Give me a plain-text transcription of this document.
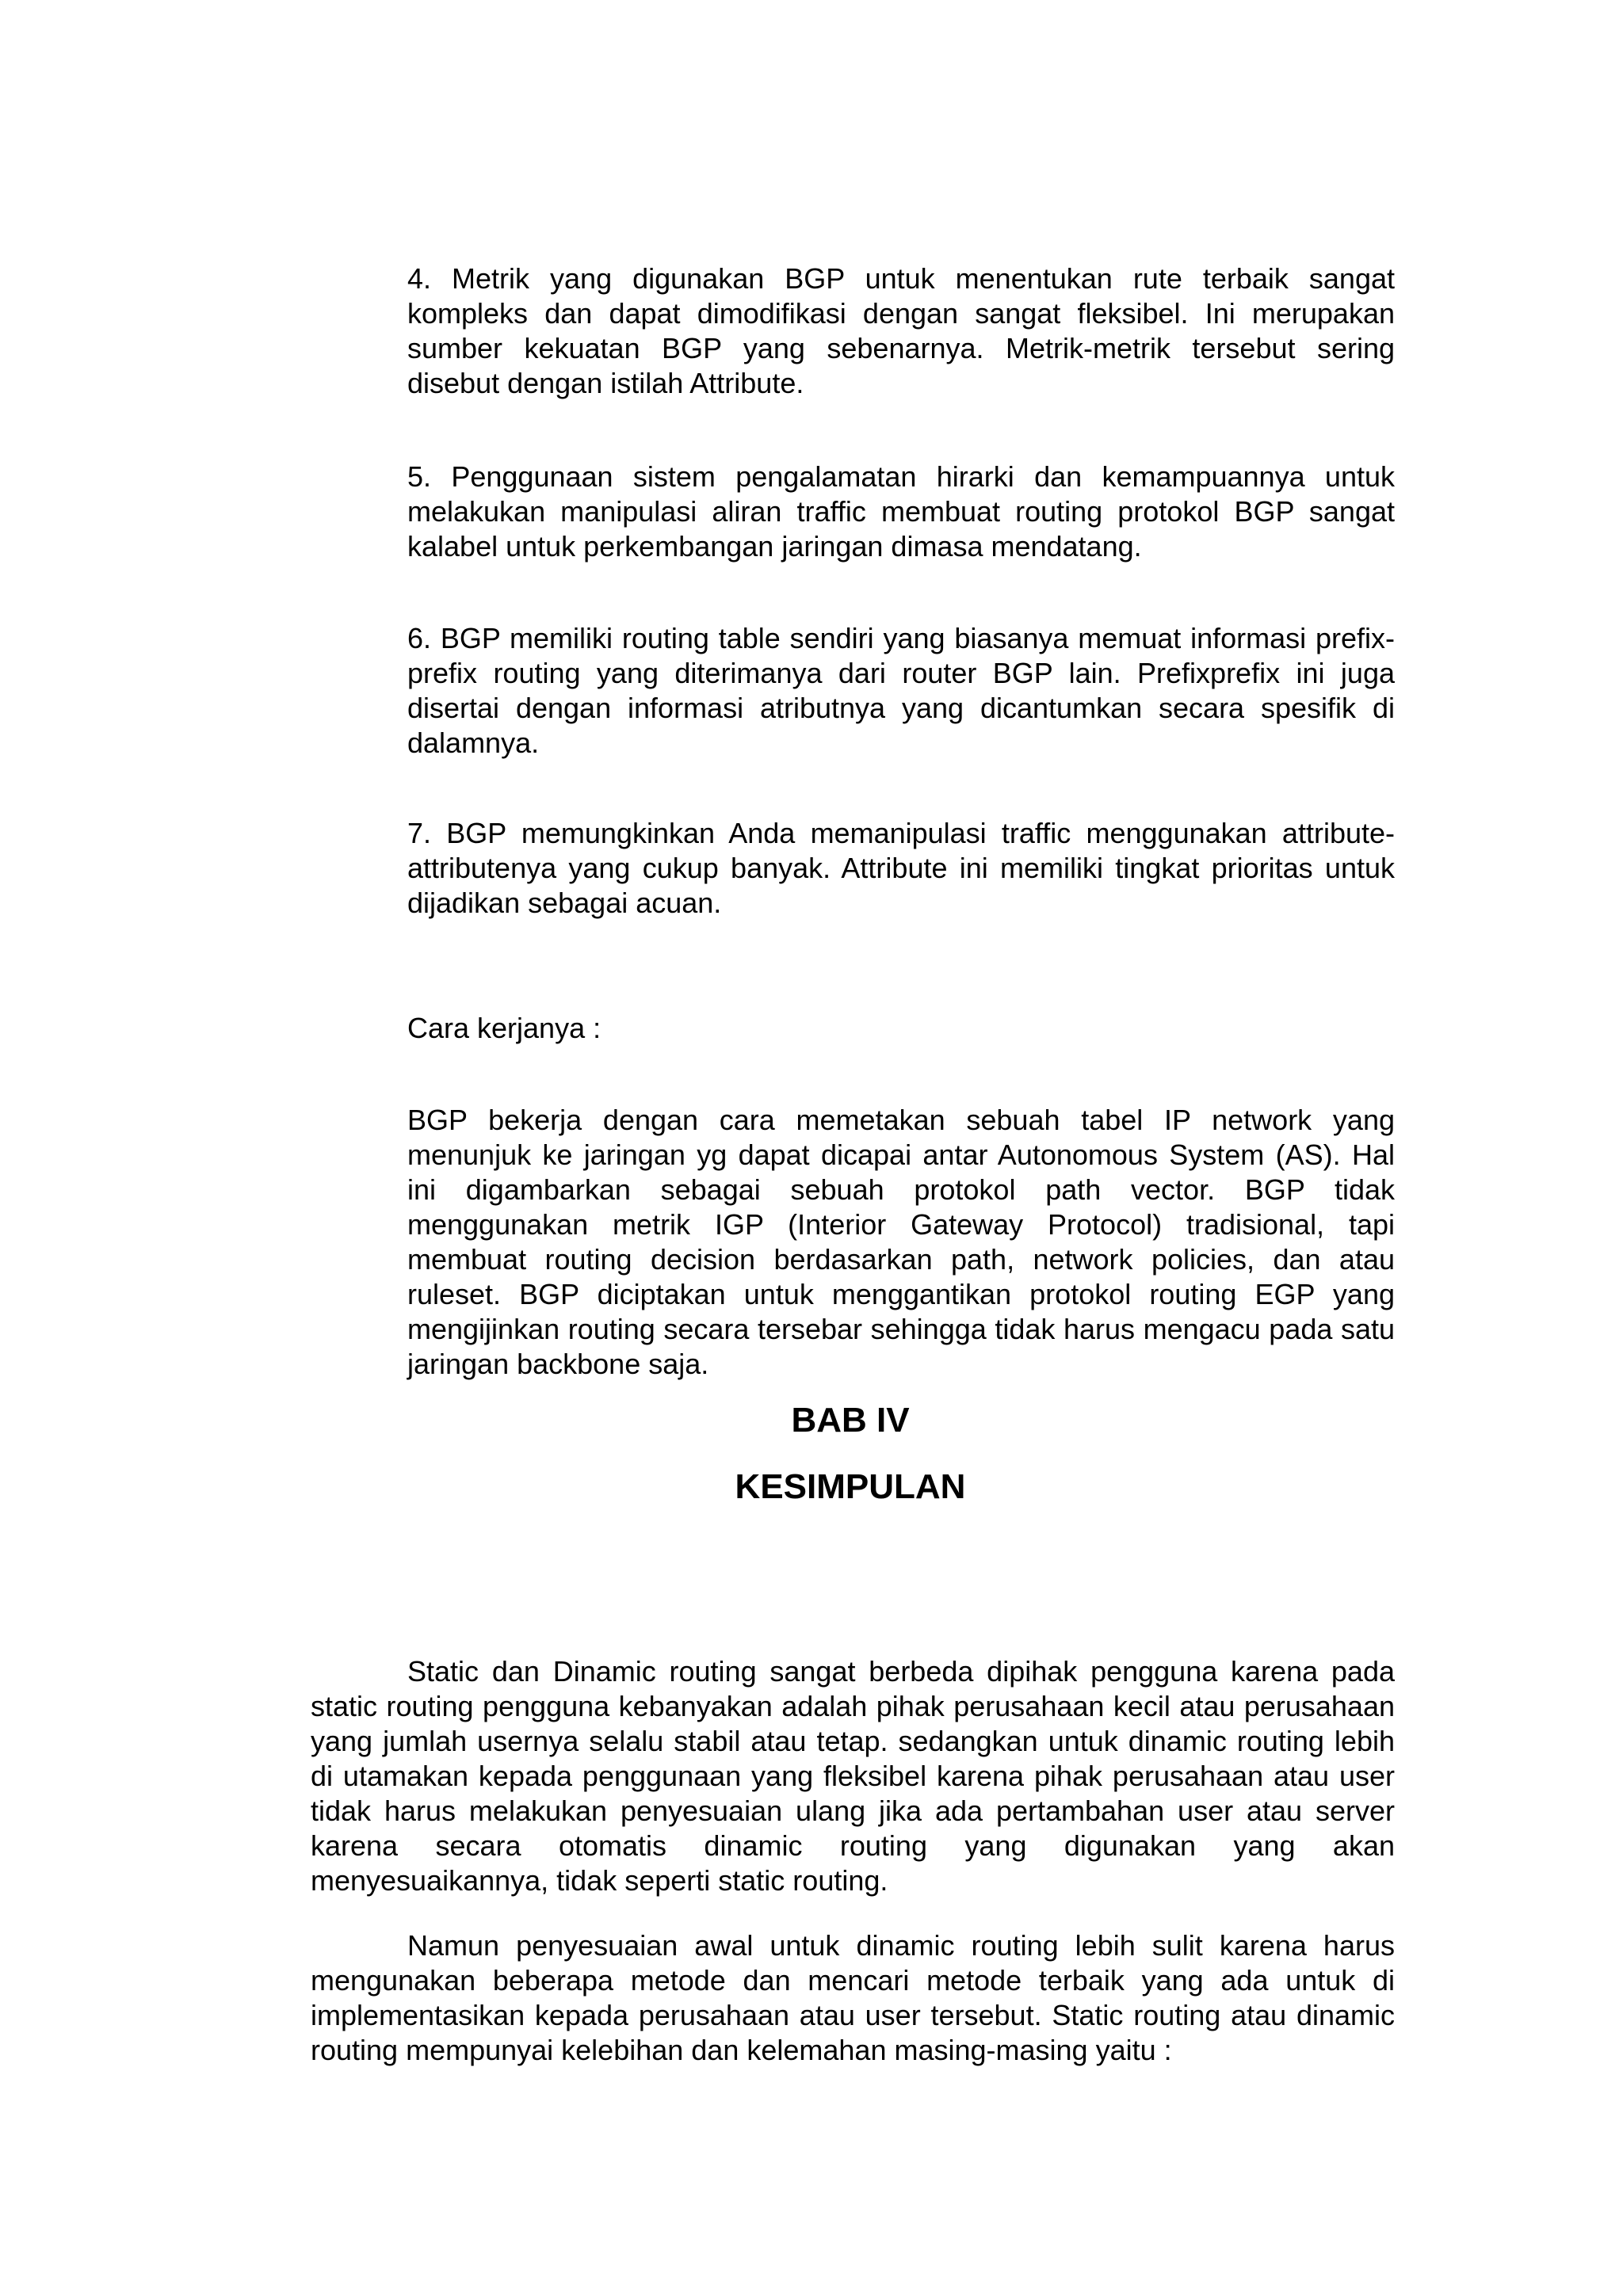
4. Metrik yang digunakan BGP untuk menentukan rute terbaik sangat kompleks dan dapat dimodifikasi dengan sangat fleksibel. Ini merupakan sumber kekuatan BGP yang sebenarnya. Metrik-metrik tersebut sering disebut dengan istilah Attribute.

5. Penggunaan sistem pengalamatan hirarki dan kemampuannya untuk melakukan manipulasi aliran traffic membuat routing protokol BGP sangat kalabel untuk perkembangan jaringan dimasa mendatang.

6. BGP memiliki routing table sendiri yang biasanya memuat informasi prefix-prefix routing yang diterimanya dari router BGP lain. Prefixprefix ini juga disertai dengan informasi atributnya yang dicantumkan secara spesifik di dalamnya.

7. BGP memungkinkan Anda memanipulasi traffic menggunakan attribute-attributenya yang cukup banyak. Attribute ini memiliki tingkat prioritas untuk dijadikan sebagai acuan.

Cara kerjanya :

BGP bekerja dengan cara memetakan sebuah tabel IP network yang menunjuk ke jaringan yg dapat dicapai antar Autonomous System (AS). Hal ini digambarkan sebagai sebuah protokol path vector. BGP tidak menggunakan metrik IGP (Interior Gateway Protocol) tradisional, tapi membuat routing decision berdasarkan path, network policies, dan atau ruleset. BGP diciptakan untuk menggantikan protokol routing EGP yang mengijinkan routing secara tersebar sehingga tidak harus mengacu pada satu jaringan backbone saja.

BAB IV
KESIMPULAN

Static dan Dinamic routing sangat berbeda dipihak pengguna karena pada static routing pengguna kebanyakan adalah pihak perusahaan kecil atau perusahaan yang jumlah usernya selalu stabil atau tetap. sedangkan untuk dinamic routing lebih di utamakan kepada penggunaan yang fleksibel karena pihak perusahaan atau user tidak harus melakukan penyesuaian ulang jika ada pertambahan user atau server karena secara otomatis dinamic routing yang digunakan yang akan menyesuaikannya, tidak seperti static routing.

Namun penyesuaian awal untuk dinamic routing lebih sulit karena harus mengunakan beberapa metode dan mencari metode terbaik yang ada untuk di implementasikan kepada perusahaan atau user tersebut. Static routing atau dinamic routing mempunyai kelebihan dan kelemahan masing-masing yaitu :
